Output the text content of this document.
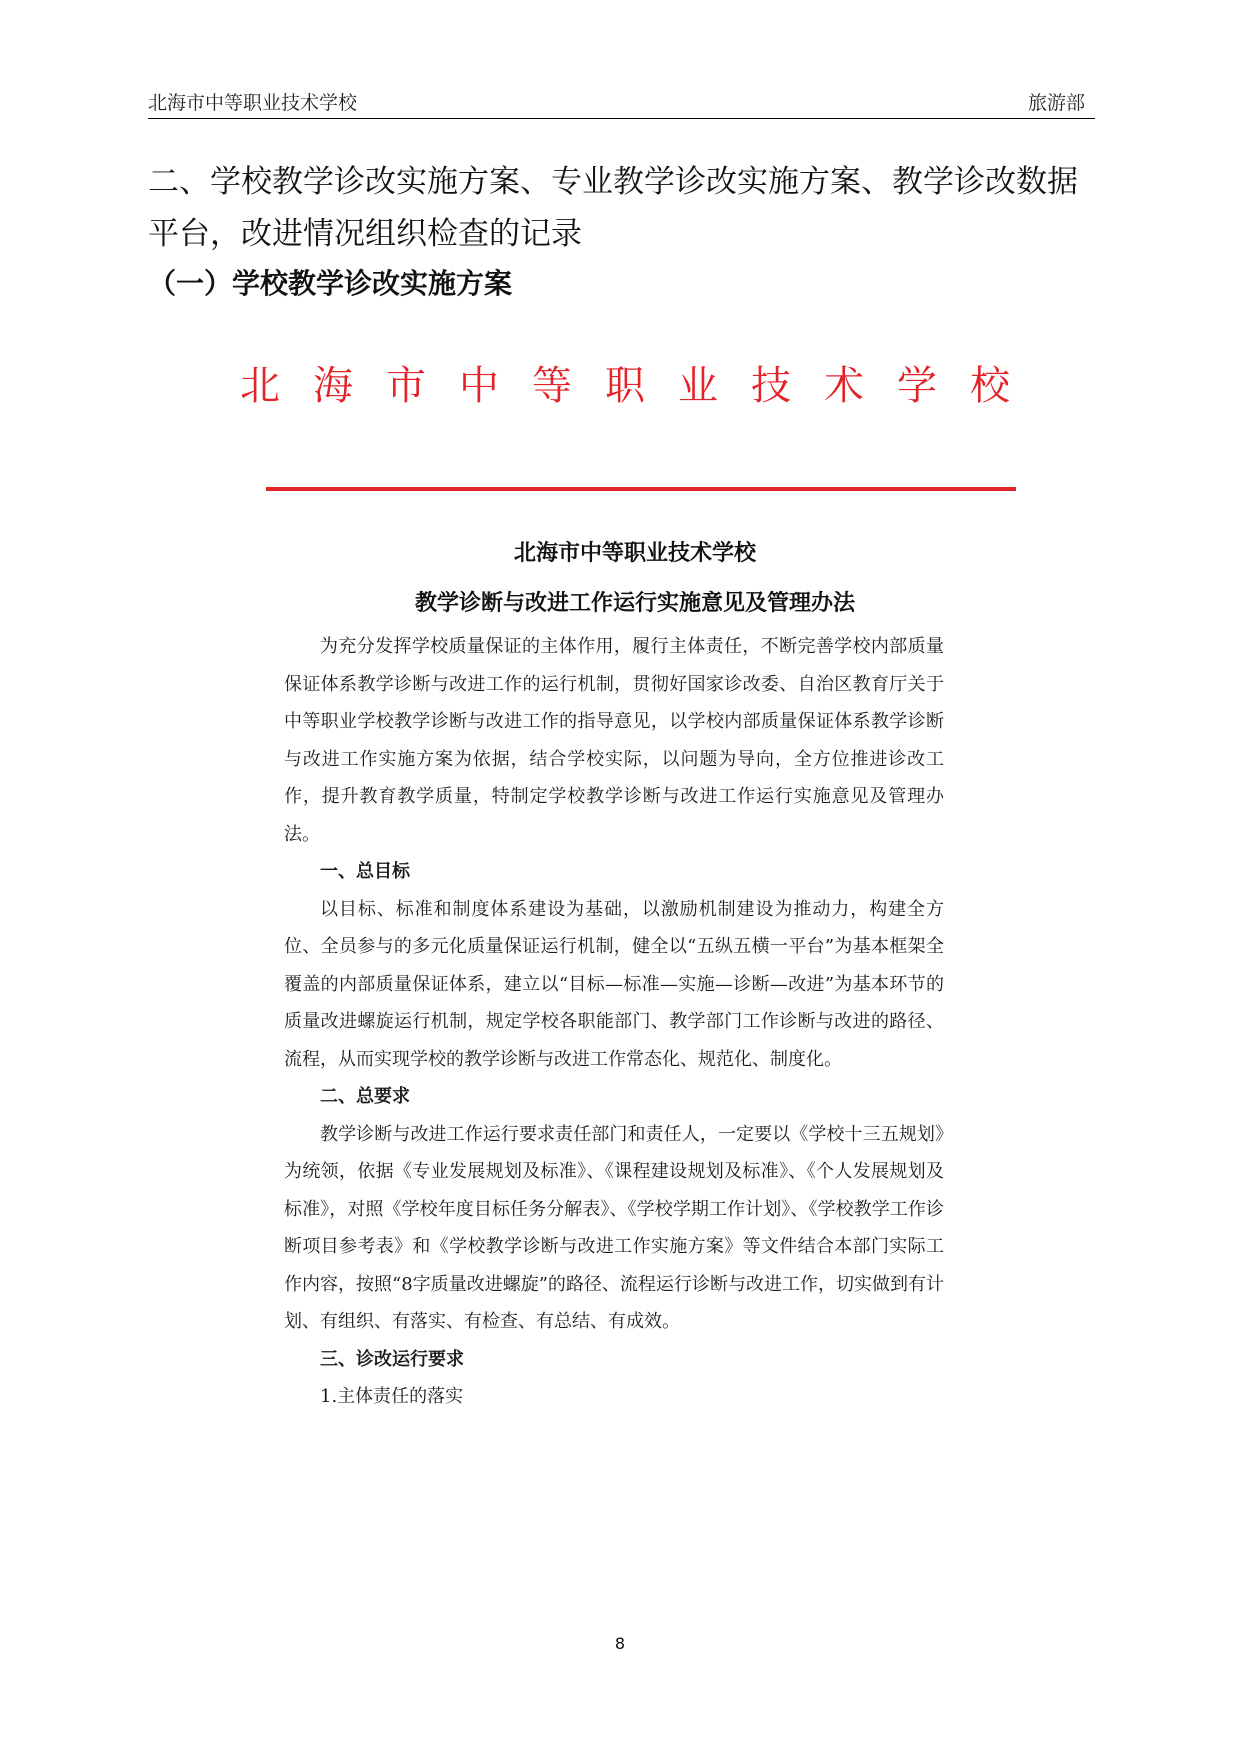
北海市中等职业技术学校	旅游部
二、学校教学诊改实施方案、专业教学诊改实施方案、教学诊改数据平台，改进情况组织检查的记录
（一）学校教学诊改实施方案
北海市中等职业技术学校
北海市中等职业技术学校
教学诊断与改进工作运行实施意见及管理办法

为充分发挥学校质量保证的主体作用，履行主体责任，不断完善学校内部质量保证体系教学诊断与改进工作的运行机制，贯彻好国家诊改委、自治区教育厅关于中等职业学校教学诊断与改进工作的指导意见，以学校内部质量保证体系教学诊断与改进工作实施方案为依据，结合学校实际，以问题为导向，全方位推进诊改工作，提升教育教学质量，特制定学校教学诊断与改进工作运行实施意见及管理办法。

一、总目标

以目标、标准和制度体系建设为基础，以激励机制建设为推动力，构建全方位、全员参与的多元化质量保证运行机制，健全以“五纵五横一平台”为基本框架全覆盖的内部质量保证体系，建立以“目标—标准—实施—诊断—改进”为基本环节的质量改进螺旋运行机制，规定学校各职能部门、教学部门工作诊断与改进的路径、流程，从而实现学校的教学诊断与改进工作常态化、规范化、制度化。

二、总要求

教学诊断与改进工作运行要求责任部门和责任人，一定要以《学校十三五规划》为统领，依据《专业发展规划及标准》、《课程建设规划及标准》、《个人发展规划及标准》，对照《学校年度目标任务分解表》、《学校学期工作计划》、《学校教学工作诊断项目参考表》和《学校教学诊断与改进工作实施方案》等文件结合本部门实际工作内容，按照“8字质量改进螺旋”的路径、流程运行诊断与改进工作，切实做到有计划、有组织、有落实、有检查、有总结、有成效。

三、诊改运行要求

1.主体责任的落实

8
